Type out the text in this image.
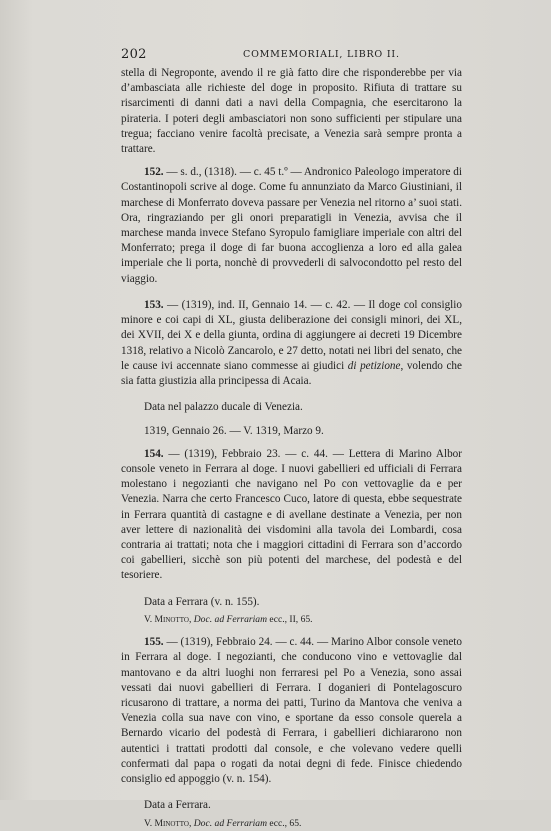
202	COMMEMORIALI, LIBRO II.

stella di Negroponte, avendo il re già fatto dire che risponderebbe per via d’ambasciata alle richieste del doge in proposito. Rifiuta di trattare su risarcimenti di danni dati a navi della Compagnia, che esercitarono la pirateria. I poteri degli ambasciatori non sono sufficienti per stipulare una tregua; facciano venire facoltà precisate, a Venezia sarà sempre pronta a trattare.

152. — s. d., (1318). — c. 45 t.º — Andronico Paleologo imperatore di Costantinopoli scrive al doge. Come fu annunziato da Marco Giustiniani, il marchese di Monferrato doveva passare per Venezia nel ritorno a’ suoi stati. Ora, ringraziando per gli onori preparatigli in Venezia, avvisa che il marchese manda invece Stefano Syropulo famigliare imperiale con altri del Monferrato; prega il doge di far buona accoglienza a loro ed alla galea imperiale che li porta, nonchè di provvederli di salvocondotto pel resto del viaggio.

153. — (1319), ind. II, Gennaio 14. — c. 42. — Il doge col consiglio minore e coi capi di XL, giusta deliberazione dei consigli minori, dei XL, dei XVII, dei X e della giunta, ordina di aggiungere ai decreti 19 Dicembre 1318, relativo a Nicolò Zancarolo, e 27 detto, notati nei libri del senato, che le cause ivi accennate siano commesse ai giudici di petizione, volendo che sia fatta giustizia alla principessa di Acaia.

Data nel palazzo ducale di Venezia.

1319, Gennaio 26. — V. 1319, Marzo 9.

154. — (1319), Febbraio 23. — c. 44. — Lettera di Marino Albor console veneto in Ferrara al doge. I nuovi gabellieri ed ufficiali di Ferrara molestano i negozianti che navigano nel Po con vettovaglie da e per Venezia. Narra che certo Francesco Cuco, latore di questa, ebbe sequestrate in Ferrara quantità di castagne e di avellane destinate a Venezia, per non aver lettere di nazionalità dei visdomini alla tavola dei Lombardi, cosa contraria ai trattati; nota che i maggiori cittadini di Ferrara son d’accordo coi gabellieri, sicchè son più potenti del marchese, del podestà e del tesoriere.

Data a Ferrara (v. n. 155).

V. Minotto, Doc. ad Ferrariam ecc., II, 65.

155. — (1319), Febbraio 24. — c. 44. — Marino Albor console veneto in Ferrara al doge. I negozianti, che conducono vino e vettovaglie dal mantovano e da altri luoghi non ferraresi pel Po a Venezia, sono assai vessati dai nuovi gabellieri di Ferrara. I doganieri di Pontelagoscuro ricusarono di trattare, a norma dei patti, Turino da Mantova che veniva a Venezia colla sua nave con vino, e sportane da esso console querela a Bernardo vicario del podestà di Ferrara, i gabellieri dichiararono non autentici i trattati prodotti dal console, e che volevano vedere quelli confermati dal papa o rogati da notai degni di fede. Finisce chiedendo consiglio ed appoggio (v. n. 154).

Data a Ferrara.

V. Minotto, Doc. ad Ferrariam ecc., 65.
